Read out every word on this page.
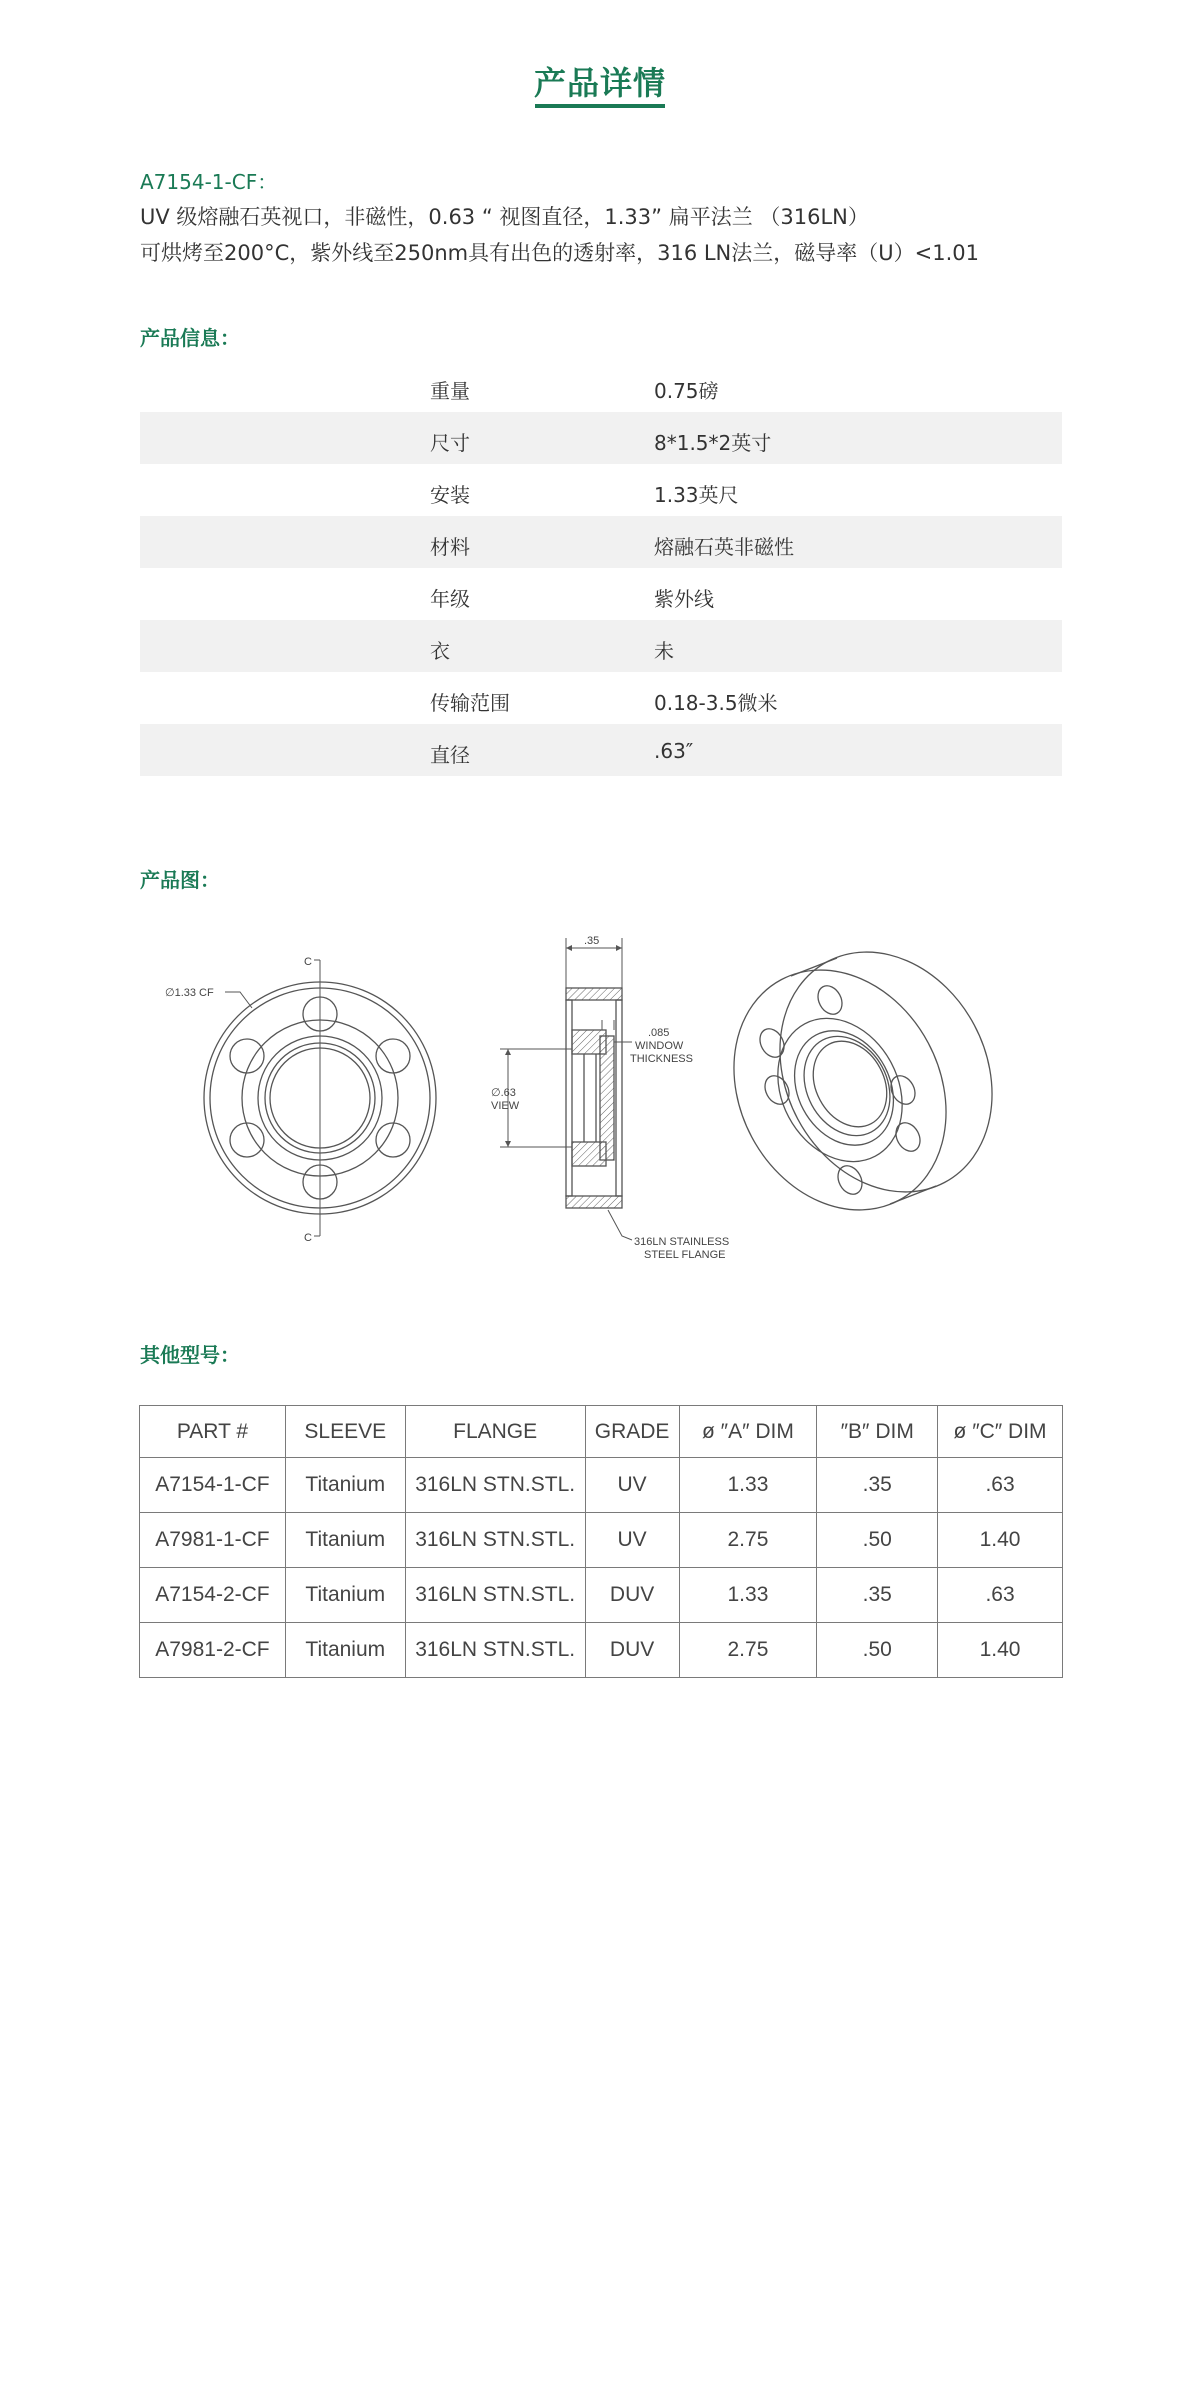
产品详情
A7154-1-CF：
UV 级熔融石英视口，非磁性，0.63 “ 视图直径，1.33” 扁平法兰 （316LN）
可烘烤至200°C，紫外线至250nm具有出色的透射率，316 LN法兰，磁导率（U）<1.01
产品信息：
重量	0.75磅
尺寸	8*1.5*2英寸
安装	1.33英尺
材料	熔融石英非磁性
年级	紫外线
衣	未
传输范围	0.18-3.5微米
直径	.63″
产品图：
∅1.33 CF
C
C
.35
.085
WINDOW
THICKNESS
∅.63
VIEW
316LN STAINLESS
STEEL FLANGE
其他型号：
PART #	SLEEVE	FLANGE	GRADE	ø ″A″ DIM	″B″ DIM	ø ″C″ DIM
A7154-1-CF	Titanium	316LN STN.STL.	UV	1.33	.35	.63
A7981-1-CF	Titanium	316LN STN.STL.	UV	2.75	.50	1.40
A7154-2-CF	Titanium	316LN STN.STL.	DUV	1.33	.35	.63
A7981-2-CF	Titanium	316LN STN.STL.	DUV	2.75	.50	1.40
